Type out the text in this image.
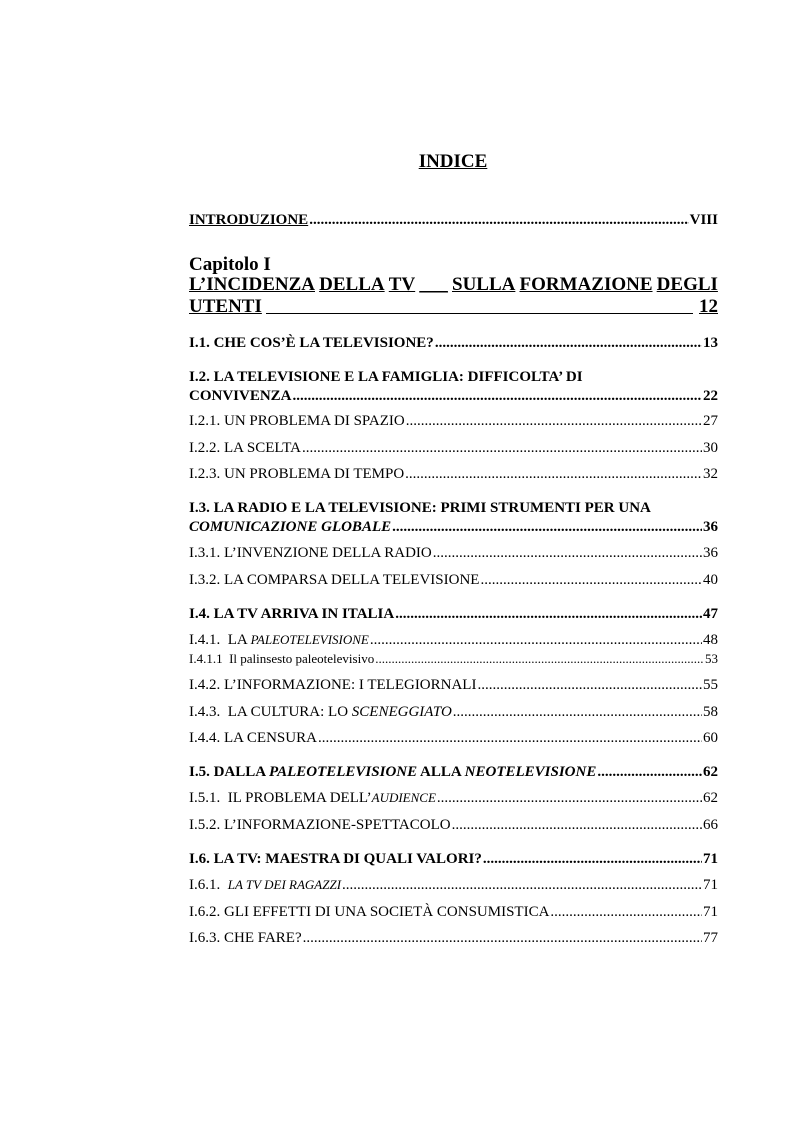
INDICE
INTRODUZIONE .....	VIII
Capitolo I
L’INCIDENZA DELLA TV ___ SULLA FORMAZIONE DEGLI
UTENTI	12
I.1. CHE COS’È LA TELEVISIONE? .....	13
I.2. LA TELEVISIONE E LA FAMIGLIA: DIFFICOLTA’ DI
CONVIVENZA .....	22
I.2.1. UN PROBLEMA DI SPAZIO .....	27
I.2.2. LA SCELTA .....	30
I.2.3. UN PROBLEMA DI TEMPO .....	32
I.3. LA RADIO E LA TELEVISIONE: PRIMI STRUMENTI PER UNA
COMUNICAZIONE GLOBALE .....	36
I.3.1. L’INVENZIONE DELLA RADIO .....	36
I.3.2. LA COMPARSA DELLA TELEVISIONE .....	40
I.4. LA TV ARRIVA IN ITALIA .....	47
I.4.1.  LA PALEOTELEVISIONE .....	48
I.4.1.1  Il palinsesto paleotelevisivo .....	53
I.4.2. L’INFORMAZIONE: I TELEGIORNALI .....	55
I.4.3.  LA CULTURA: LO SCENEGGIATO .....	58
I.4.4. LA CENSURA .....	60
I.5. DALLA PALEOTELEVISIONE ALLA NEOTELEVISIONE .....	62
I.5.1.  IL PROBLEMA DELL’AUDIENCE .....	62
I.5.2. L’INFORMAZIONE-SPETTACOLO .....	66
I.6. LA TV: MAESTRA DI QUALI VALORI? .....	71
I.6.1.  LA TV DEI RAGAZZI .....	71
I.6.2. GLI EFFETTI DI UNA SOCIETÀ CONSUMISTICA .....	71
I.6.3. CHE FARE? .....	77
